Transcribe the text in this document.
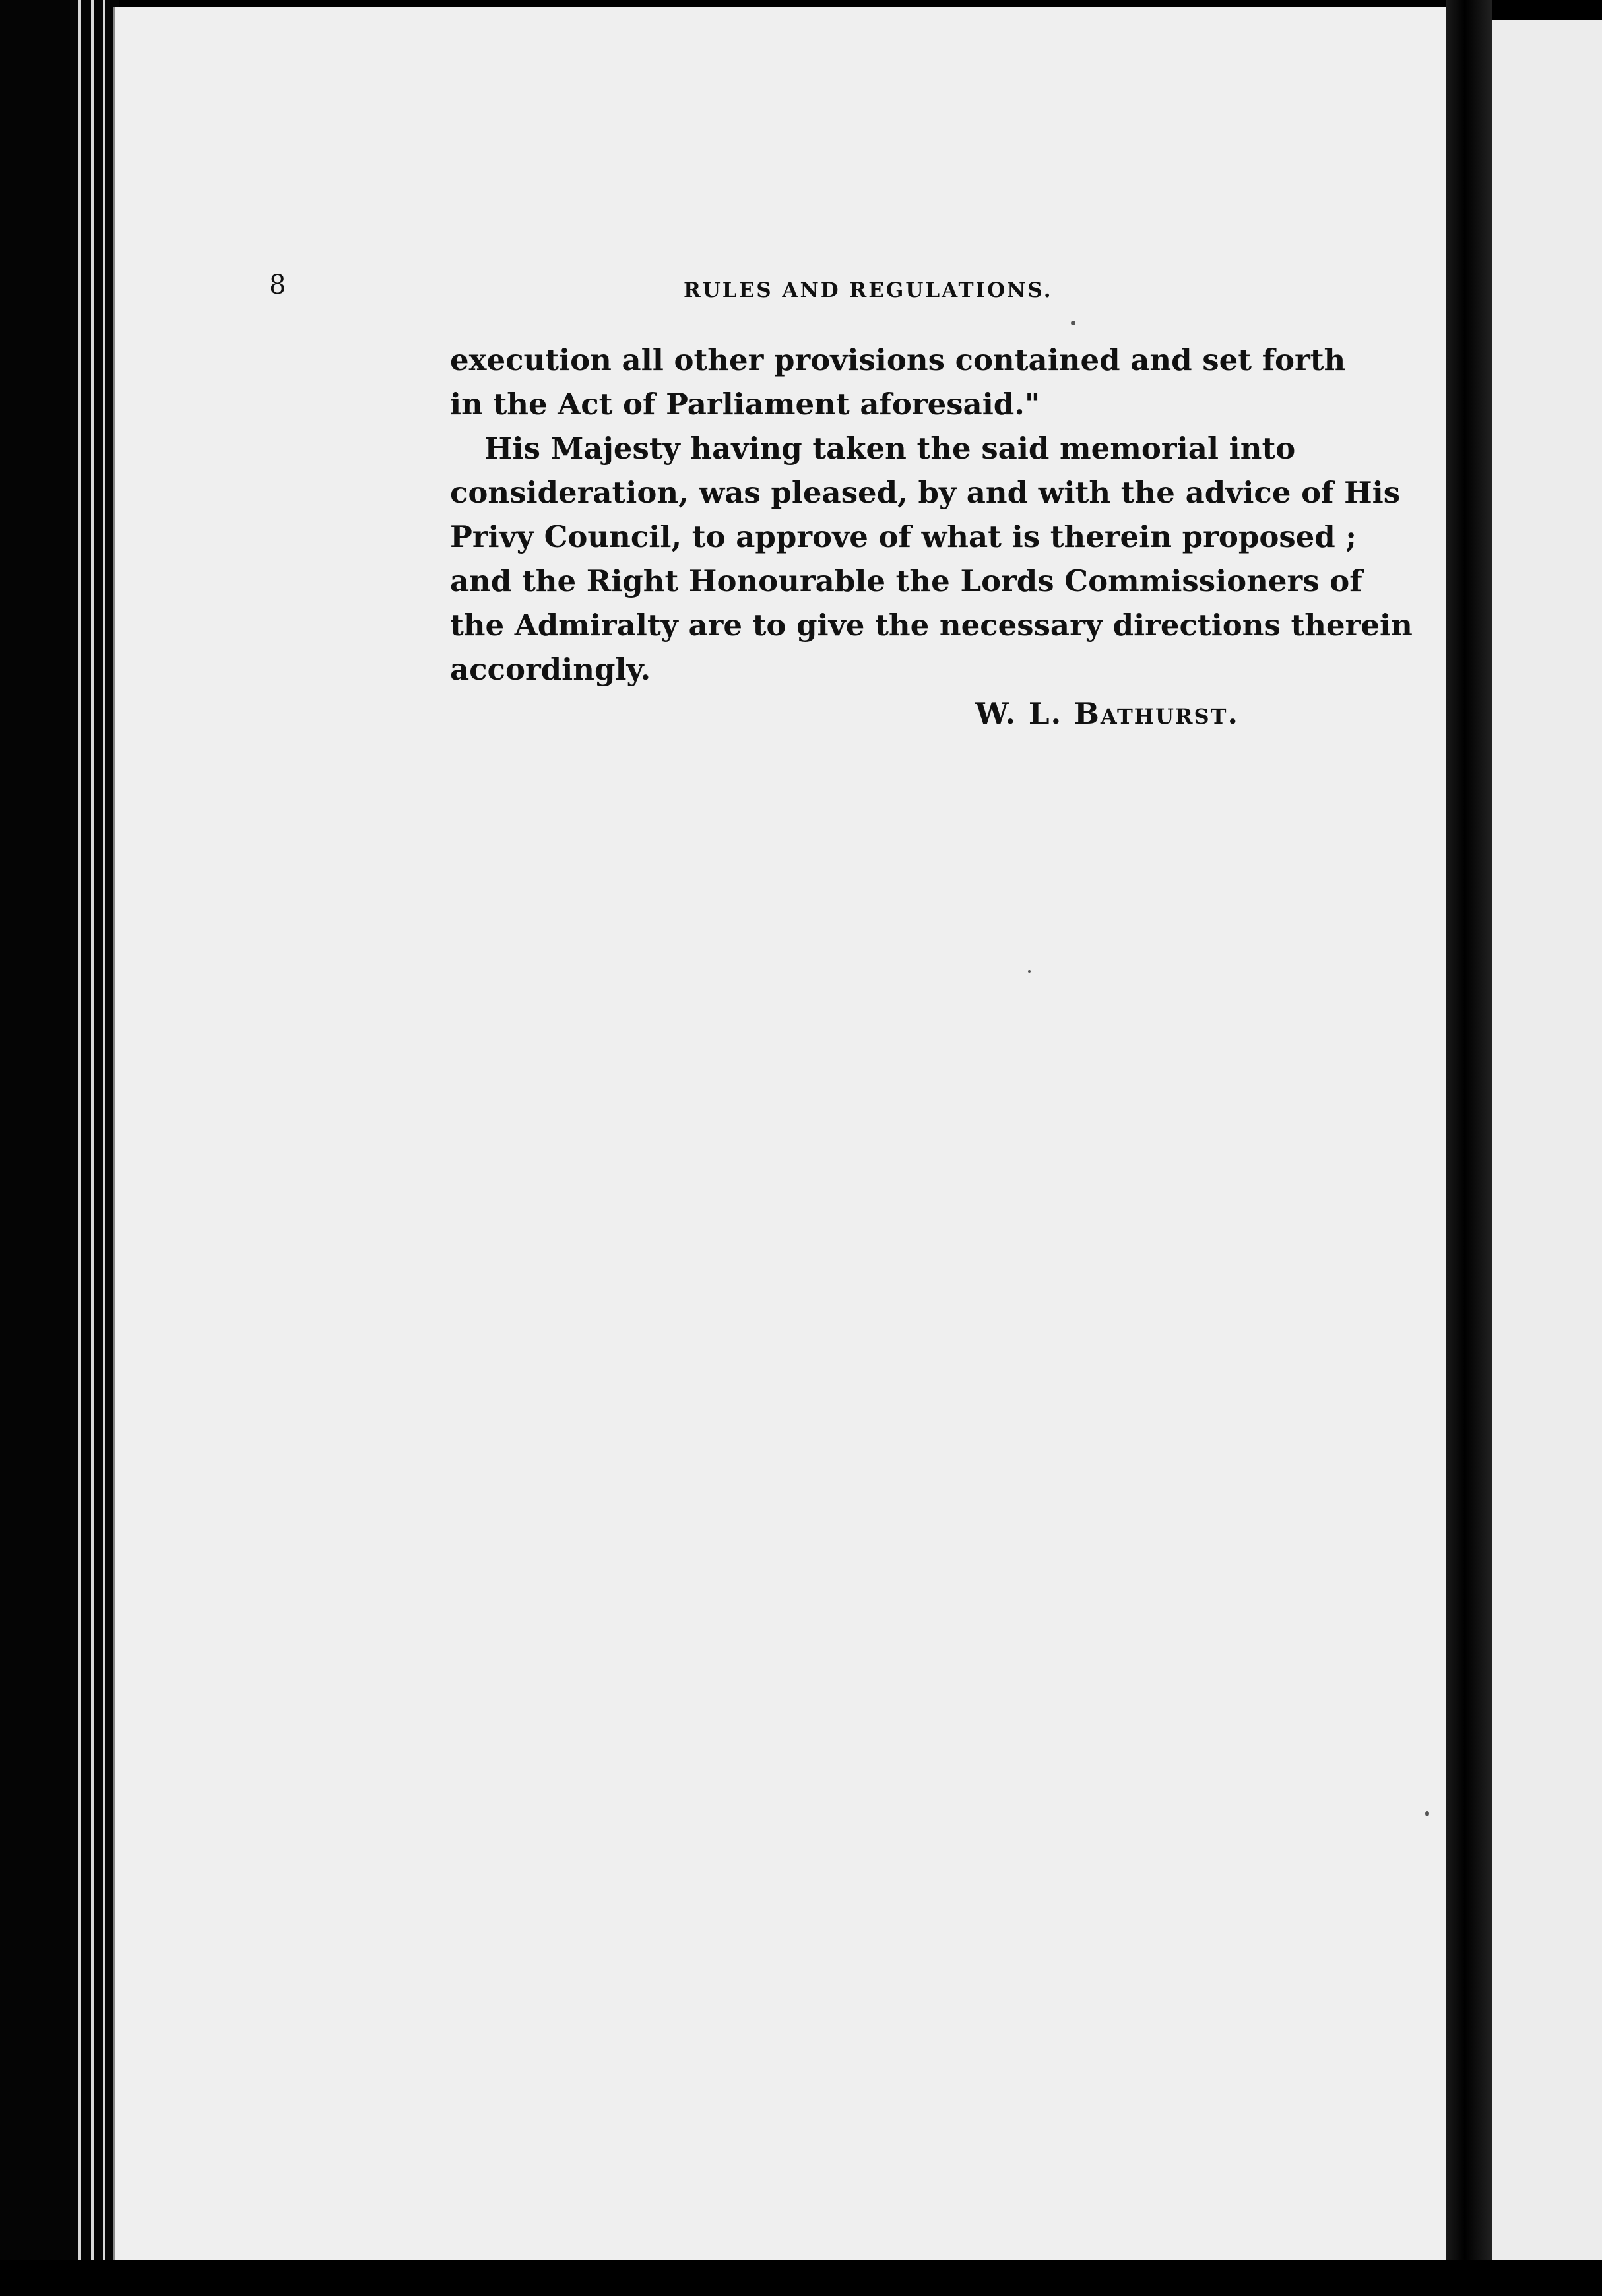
8	RULES AND REGULATIONS.
execution all other provisions contained and set forth
in the Act of Parliament aforesaid."
His Majesty having taken the said memorial into
consideration, was pleased, by and with the advice of His
Privy Council, to approve of what is therein proposed ;
and the Right Honourable the Lords Commissioners of
the Admiralty are to give the necessary directions therein
accordingly.
W. L. Bathurst.
